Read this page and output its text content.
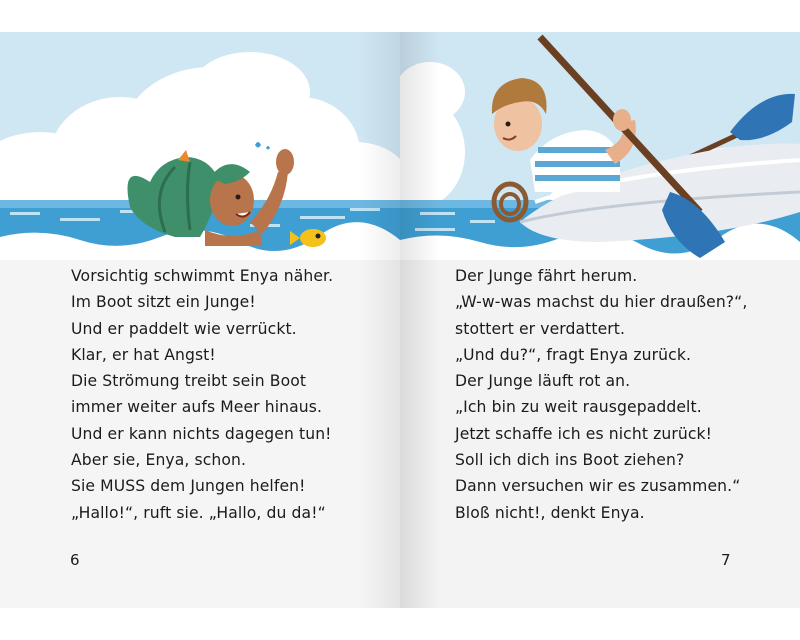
Vorsichtig schwimmt Enya näher.
Im Boot sitzt ein Junge!
Und er paddelt wie verrückt.
Klar, er hat Angst!
Die Strömung treibt sein Boot
immer weiter aufs Meer hinaus.
Und er kann nichts dagegen tun!
Aber sie, Enya, schon.
Sie MUSS dem Jungen helfen!
„Hallo!“, ruft sie. „Hallo, du da!“
6
Der Junge fährt herum.
„W-w-was machst du hier draußen?“,
stottert er verdattert.
„Und du?“, fragt Enya zurück.
Der Junge läuft rot an.
„Ich bin zu weit rausgepaddelt.
Jetzt schaffe ich es nicht zurück!
Soll ich dich ins Boot ziehen?
Dann versuchen wir es zusammen.“
Bloß nicht!, denkt Enya.
7
